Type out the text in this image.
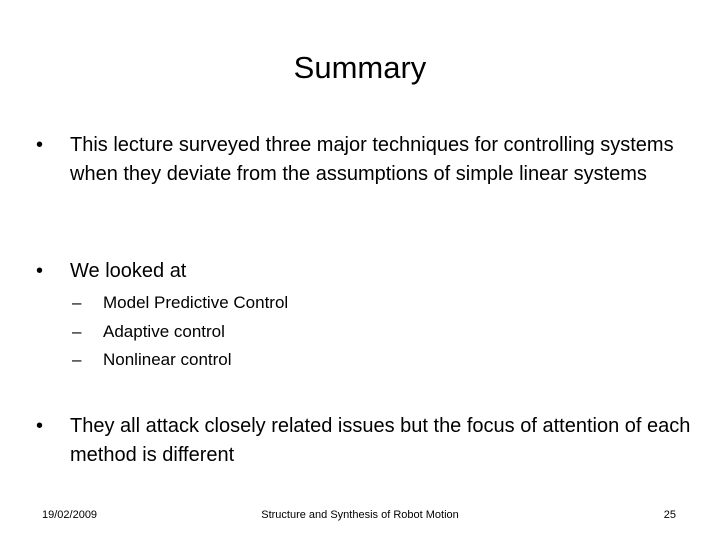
Summary
•	This lecture surveyed three major techniques for controlling systems when they deviate from the assumptions of simple linear systems
•	We looked at
–	Model Predictive Control
–	Adaptive control
–	Nonlinear control
•	They all attack closely related issues but the focus of attention of each method is different
19/02/2009	Structure and Synthesis of Robot Motion	25
